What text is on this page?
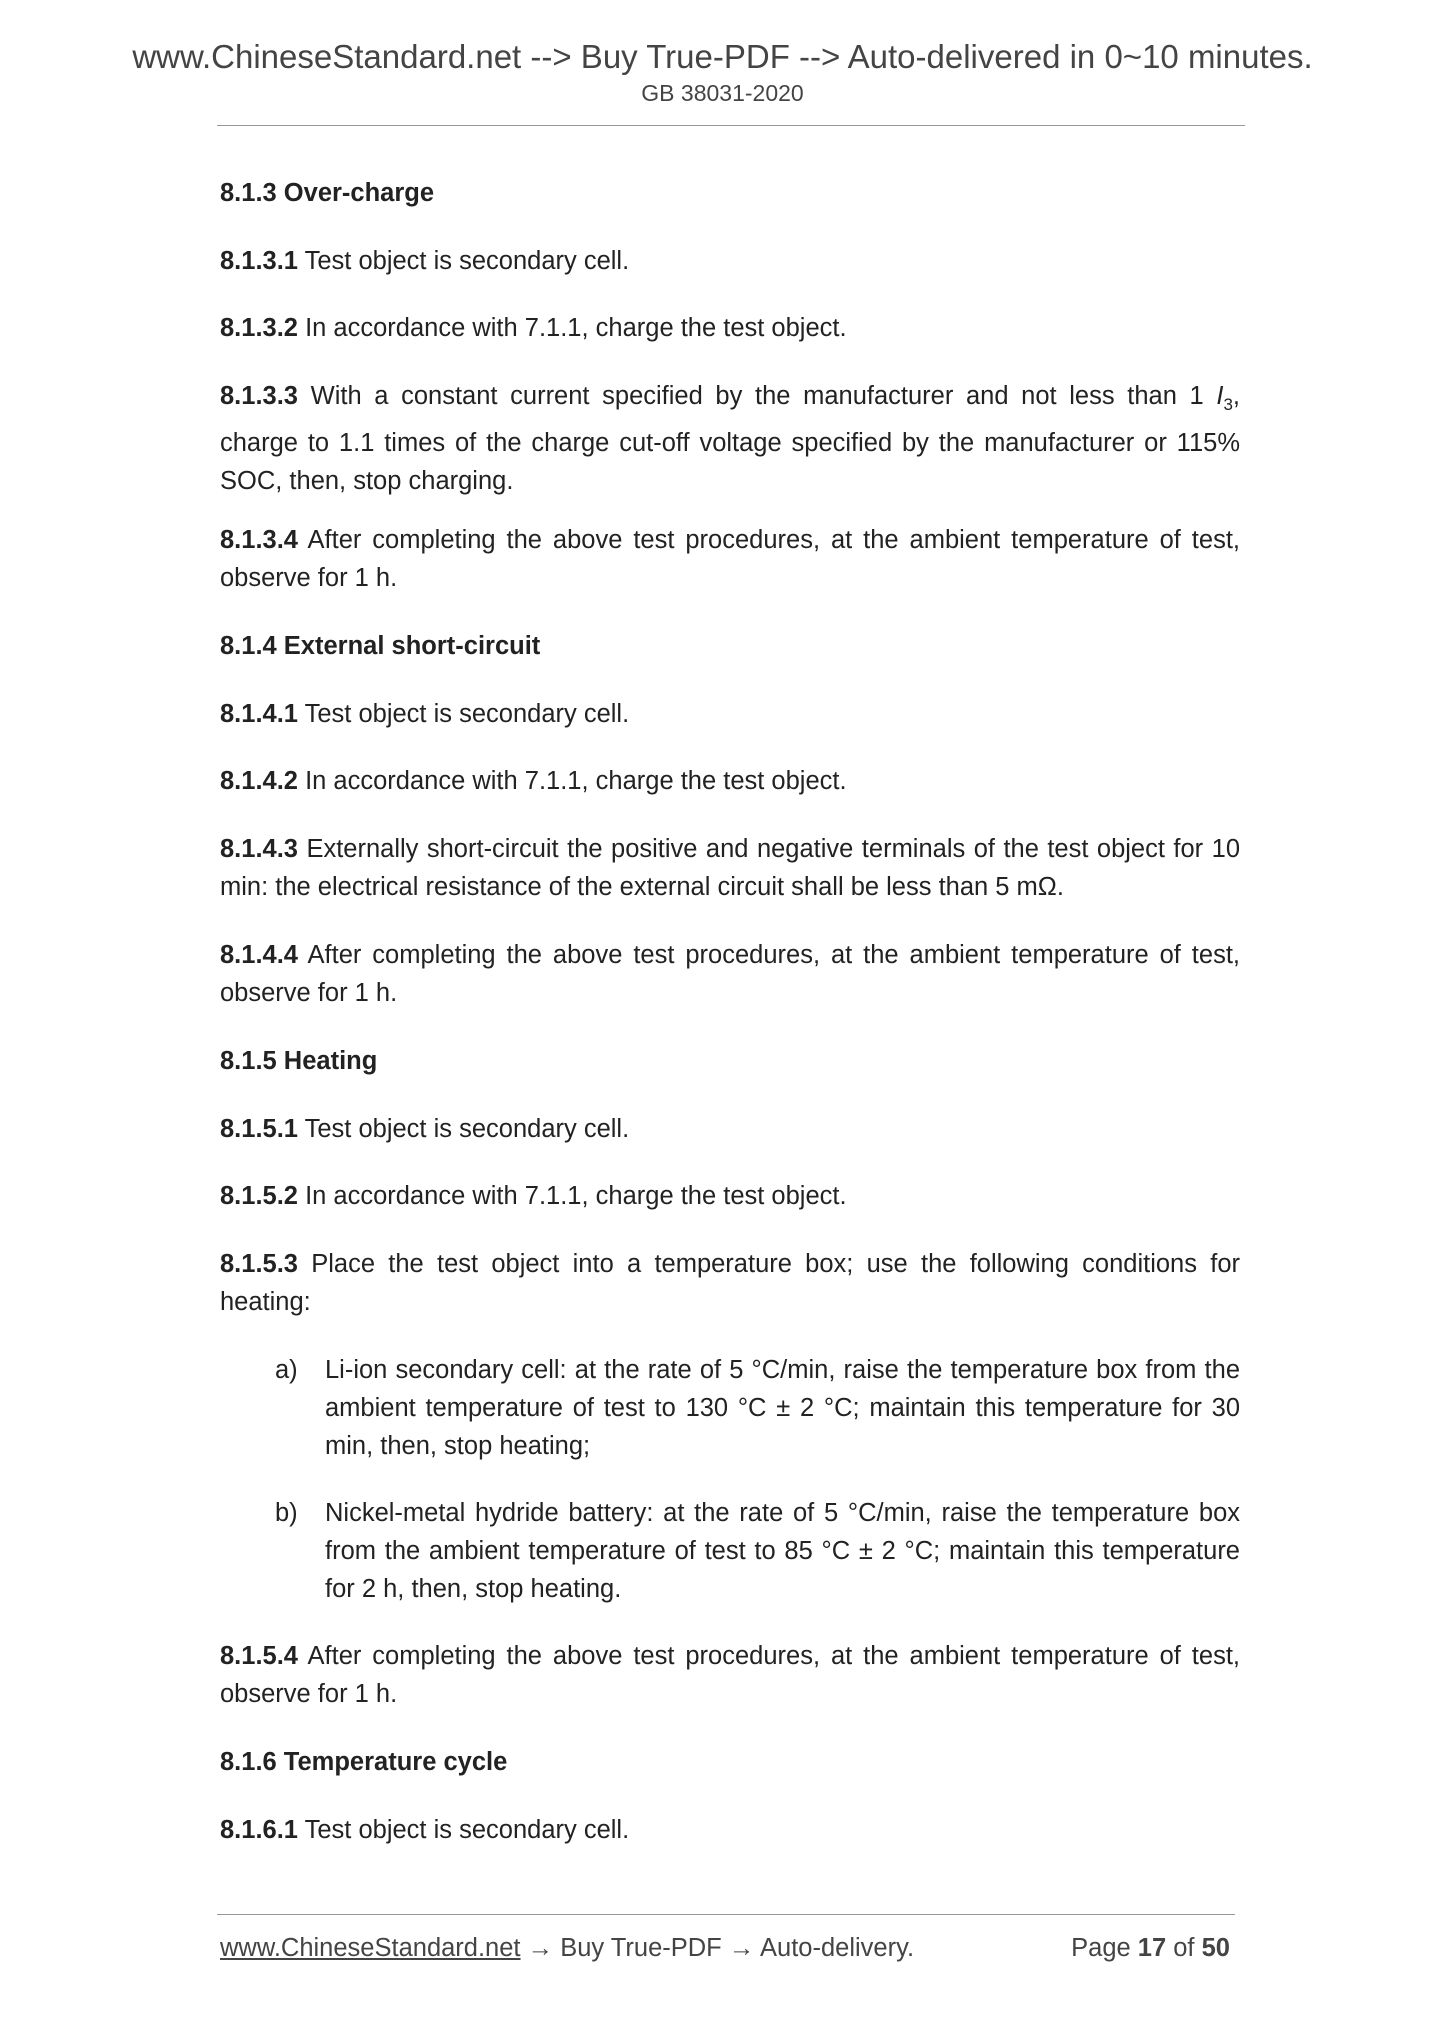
www.ChineseStandard.net --> Buy True-PDF --> Auto-delivered in 0~10 minutes.
GB 38031-2020

8.1.3 Over-charge

8.1.3.1 Test object is secondary cell.

8.1.3.2 In accordance with 7.1.1, charge the test object.

8.1.3.3 With a constant current specified by the manufacturer and not less than 1 $I_3$, charge to 1.1 times of the charge cut-off voltage specified by the manufacturer or 115% SOC, then, stop charging.

8.1.3.4 After completing the above test procedures, at the ambient temperature of test, observe for 1 h.

8.1.4 External short-circuit

8.1.4.1 Test object is secondary cell.

8.1.4.2 In accordance with 7.1.1, charge the test object.

8.1.4.3 Externally short-circuit the positive and negative terminals of the test object for 10 min: the electrical resistance of the external circuit shall be less than 5 mΩ.

8.1.4.4 After completing the above test procedures, at the ambient temperature of test, observe for 1 h.

8.1.5 Heating

8.1.5.1 Test object is secondary cell.

8.1.5.2 In accordance with 7.1.1, charge the test object.

8.1.5.3 Place the test object into a temperature box; use the following conditions for heating:

a)	Li-ion secondary cell: at the rate of 5 °C/min, raise the temperature box from the ambient temperature of test to 130 °C ± 2 °C; maintain this temperature for 30 min, then, stop heating;
b)	Nickel-metal hydride battery: at the rate of 5 °C/min, raise the temperature box from the ambient temperature of test to 85 °C ± 2 °C; maintain this temperature for 2 h, then, stop heating.

8.1.5.4 After completing the above test procedures, at the ambient temperature of test, observe for 1 h.

8.1.6 Temperature cycle

8.1.6.1 Test object is secondary cell.

www.ChineseStandard.net → Buy True-PDF → Auto-delivery.	Page 17 of 50
